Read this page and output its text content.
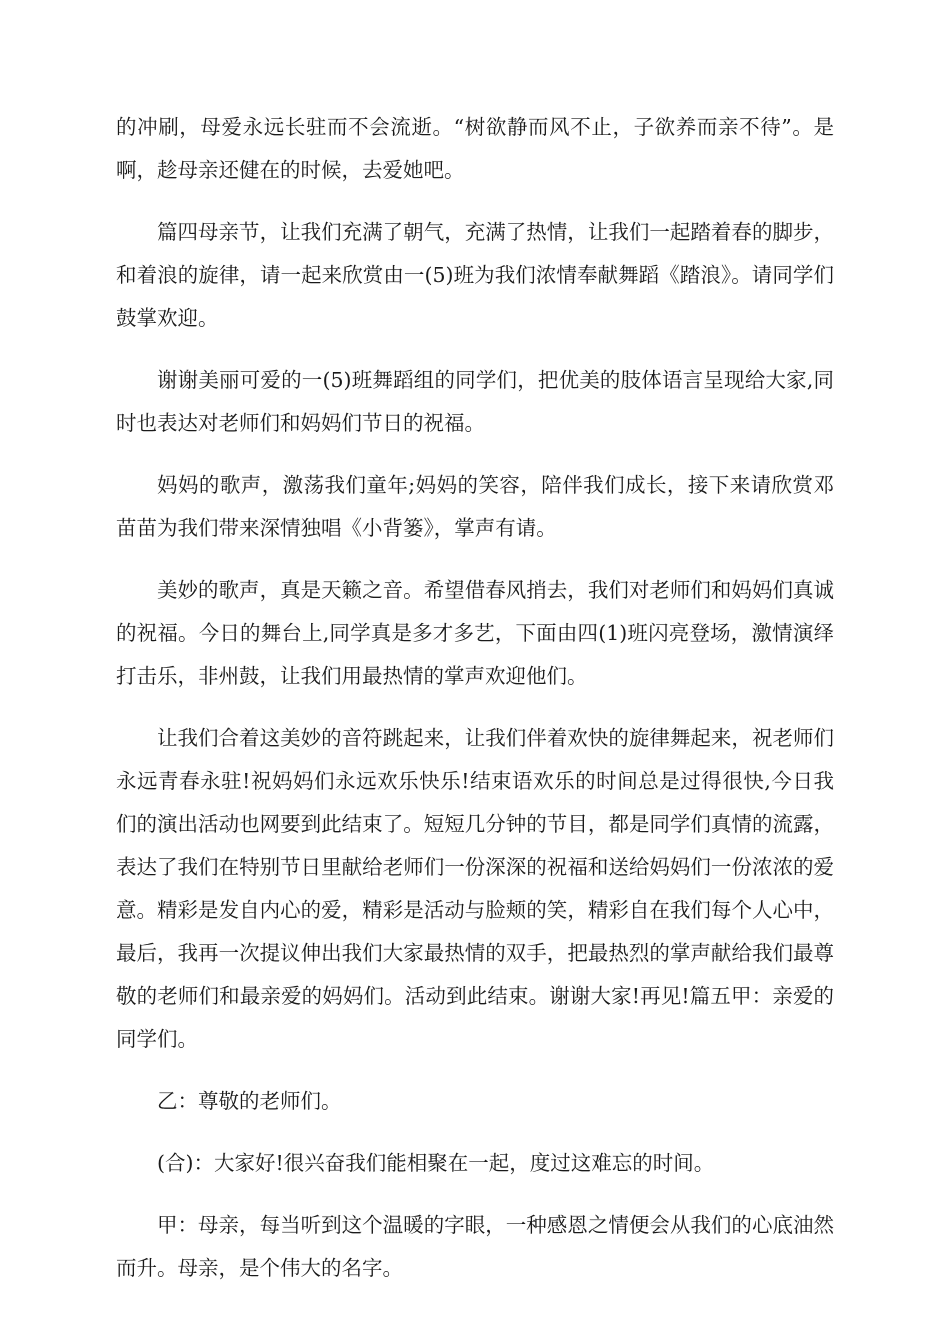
的冲刷，母爱永远长驻而不会流逝。“树欲静而风不止，子欲养而亲不待”。是啊，趁母亲还健在的时候，去爱她吧。

篇四母亲节，让我们充满了朝气，充满了热情，让我们一起踏着春的脚步，和着浪的旋律，请一起来欣赏由一(5)班为我们浓情奉献舞蹈《踏浪》。请同学们鼓掌欢迎。

谢谢美丽可爱的一(5)班舞蹈组的同学们，把优美的肢体语言呈现给大家,同时也表达对老师们和妈妈们节日的祝福。

妈妈的歌声，激荡我们童年;妈妈的笑容，陪伴我们成长，接下来请欣赏邓苗苗为我们带来深情独唱《小背篓》，掌声有请。

美妙的歌声，真是天籁之音。希望借春风捎去，我们对老师们和妈妈们真诚的祝福。今日的舞台上,同学真是多才多艺，下面由四(1)班闪亮登场，激情演绎打击乐，非州鼓，让我们用最热情的掌声欢迎他们。

让我们合着这美妙的音符跳起来，让我们伴着欢快的旋律舞起来，祝老师们永远青春永驻!祝妈妈们永远欢乐快乐!结束语欢乐的时间总是过得很快,今日我们的演出活动也网要到此结束了。短短几分钟的节目，都是同学们真情的流露，表达了我们在特别节日里献给老师们一份深深的祝福和送给妈妈们一份浓浓的爱意。精彩是发自内心的爱，精彩是活动与脸颊的笑，精彩自在我们每个人心中，最后，我再一次提议伸出我们大家最热情的双手，把最热烈的掌声献给我们最尊敬的老师们和最亲爱的妈妈们。活动到此结束。谢谢大家!再见!篇五甲：亲爱的同学们。

乙：尊敬的老师们。

(合)：大家好!很兴奋我们能相聚在一起，度过这难忘的时间。

甲：母亲，每当听到这个温暖的字眼，一种感恩之情便会从我们的心底油然而升。母亲，是个伟大的名字。
